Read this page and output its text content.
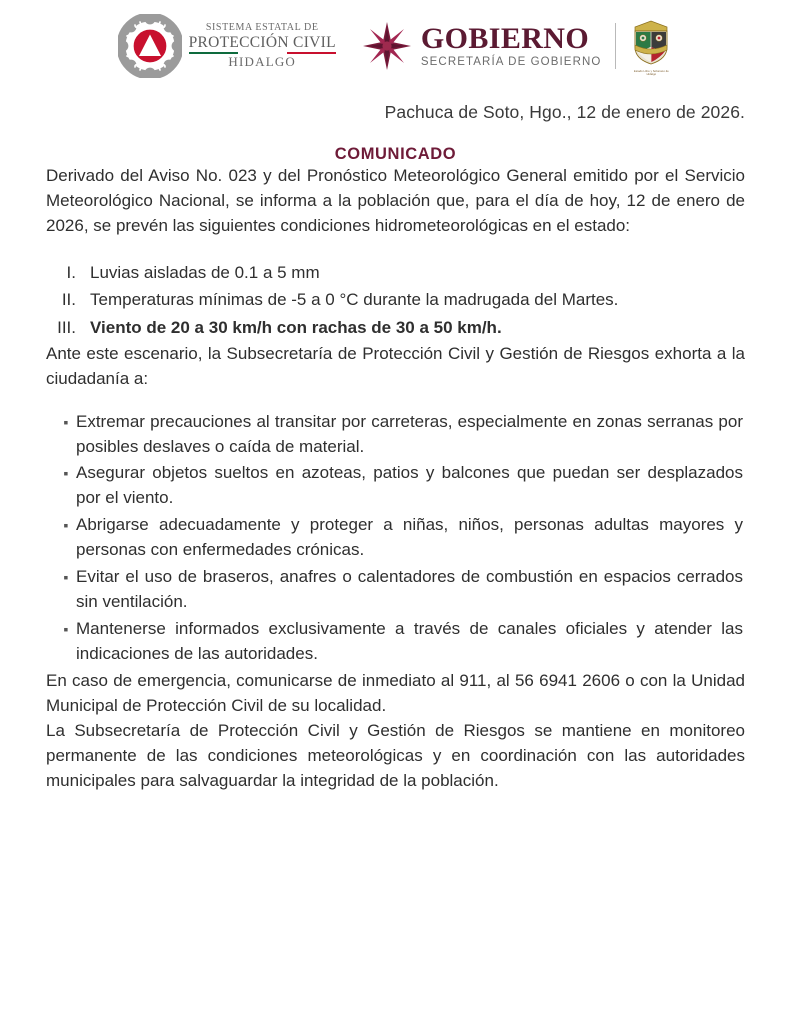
SISTEMA ESTATAL DE
PROTECCIÓN CIVIL
HIDALGO
GOBIERNO
SECRETARÍA DE GOBIERNO
Estado Libre y Soberano de Hidalgo
Pachuca de Soto, Hgo., 12 de enero de 2026.
COMUNICADO

Derivado del Aviso No. 023 y del Pronóstico Meteorológico General emitido por el Servicio Meteorológico Nacional, se informa a la población que, para el día de hoy, 12 de enero de 2026, se prevén las siguientes condiciones hidrometeorológicas en el estado:

I. Luvias aisladas de 0.1 a 5 mm
II. Temperaturas mínimas de -5 a 0 °C durante la madrugada del Martes.
III. Viento de 20 a 30 km/h con rachas de 30 a 50 km/h.

Ante este escenario, la Subsecretaría de Protección Civil y Gestión de Riesgos exhorta a la ciudadanía a:

▪ Extremar precauciones al transitar por carreteras, especialmente en zonas serranas por posibles deslaves o caída de material.
▪ Asegurar objetos sueltos en azoteas, patios y balcones que puedan ser desplazados por el viento.
▪ Abrigarse adecuadamente y proteger a niñas, niños, personas adultas mayores y personas con enfermedades crónicas.
▪ Evitar el uso de braseros, anafres o calentadores de combustión en espacios cerrados sin ventilación.
▪ Mantenerse informados exclusivamente a través de canales oficiales y atender las indicaciones de las autoridades.

En caso de emergencia, comunicarse de inmediato al 911, al 56 6941 2606 o con la Unidad Municipal de Protección Civil de su localidad.

La Subsecretaría de Protección Civil y Gestión de Riesgos se mantiene en monitoreo permanente de las condiciones meteorológicas y en coordinación con las autoridades municipales para salvaguardar la integridad de la población.
